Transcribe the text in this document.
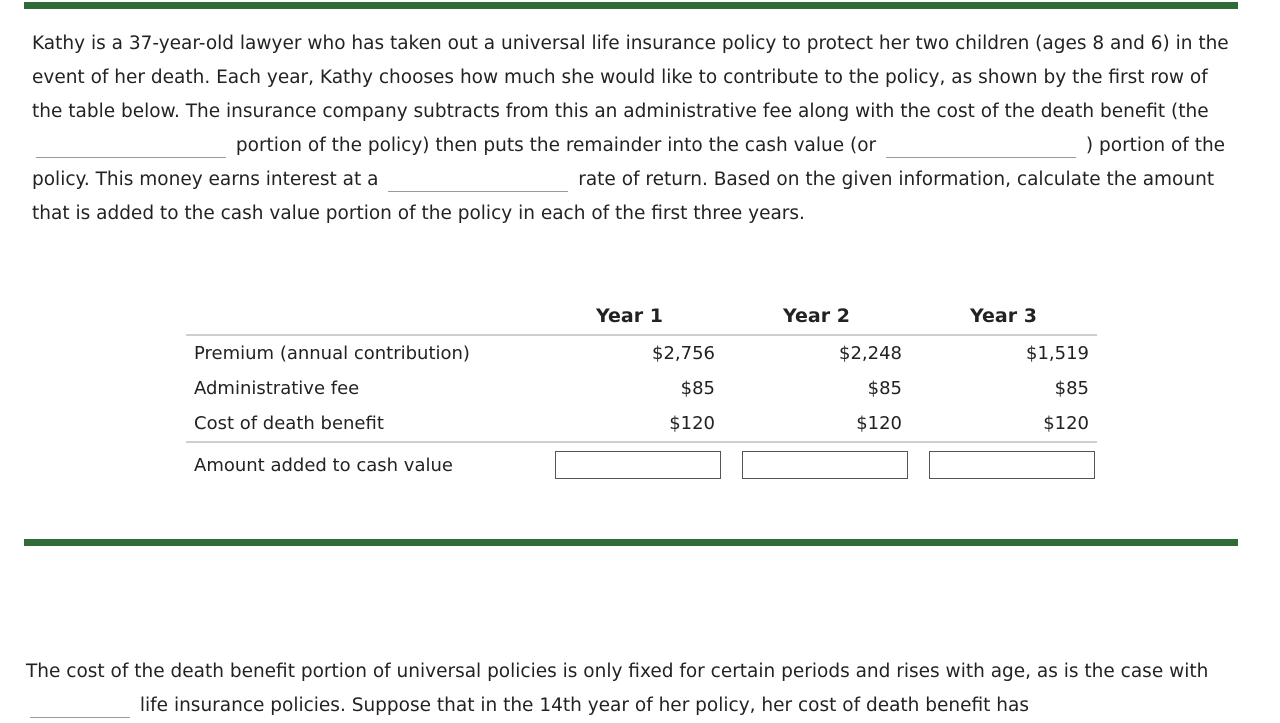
Kathy is a 37-year-old lawyer who has taken out a universal life insurance policy to protect her two children (ages 8 and 6) in the event of her death. Each year, Kathy chooses how much she would like to contribute to the policy, as shown by the first row of the table below. The insurance company subtracts from this an administrative fee along with the cost of the death benefit (the  portion of the policy) then puts the remainder into the cash value (or	) portion of the policy. This money earns interest at a	rate of return. Based on the given information, calculate the amount that is added to the cash value portion of the policy in each of the first three years.
	Year 1	Year 2	Year 3
Premium (annual contribution)	$2,756	$2,248	$1,519
Administrative fee	$85	$85	$85
Cost of death benefit	$120	$120	$120
Amount added to cash value	

The cost of the death benefit portion of universal policies is only fixed for certain periods and rises with age, as is the case with  life insurance policies. Suppose that in the 14th year of her policy, her cost of death benefit has
